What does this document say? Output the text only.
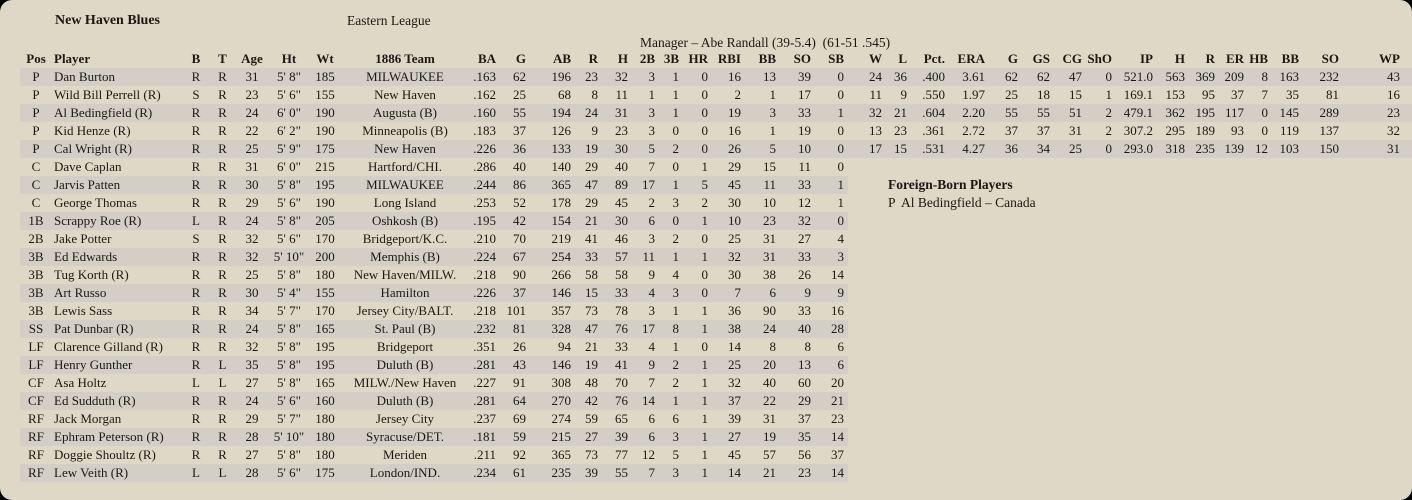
New Haven Blues	Eastern League
Manager – Abe Randall (39-5.4)  (61-51 .545)
Pos	Player	B	T	Age	Ht	Wt	1886 Team	BA	G	AB	R	H	2B	3B	HR	RBI	BB	SO	SB
P	Dan Burton	R	R	31	5' 8"	185	MILWAUKEE	.163	62	196	23	32	3	1	0	16	13	39	0
P	Wild Bill Perrell (R)	S	R	23	5' 6"	155	New Haven	.162	25	68	8	11	1	1	0	2	1	17	0
P	Al Bedingfield (R)	R	R	24	6' 0"	190	Augusta (B)	.160	55	194	24	31	3	1	0	19	3	33	1
P	Kid Henze (R)	R	R	22	6' 2"	190	Minneapolis (B)	.183	37	126	9	23	3	0	0	16	1	19	0
P	Cal Wright (R)	R	R	25	5' 9"	175	New Haven	.226	36	133	19	30	5	2	0	26	5	10	0
C	Dave Caplan	R	R	31	6' 0"	215	Hartford/CHI.	.286	40	140	29	40	7	0	1	29	15	11	0
C	Jarvis Patten	R	R	30	5' 8"	195	MILWAUKEE	.244	86	365	47	89	17	1	5	45	11	33	1
C	George Thomas	R	R	29	5' 6"	190	Long Island	.253	52	178	29	45	2	3	2	30	10	12	1
1B	Scrappy Roe (R)	L	R	24	5' 8"	205	Oshkosh (B)	.195	42	154	21	30	6	0	1	10	23	32	0
2B	Jake Potter	S	R	32	5' 6"	170	Bridgeport/K.C.	.210	70	219	41	46	3	2	0	25	31	27	4
3B	Ed Edwards	R	R	32	5' 10"	200	Memphis (B)	.224	67	254	33	57	11	1	1	32	31	33	3
3B	Tug Korth (R)	R	R	25	5' 8"	180	New Haven/MILW.	.218	90	266	58	58	9	4	0	30	38	26	14
3B	Art Russo	R	R	30	5' 4"	155	Hamilton	.226	37	146	15	33	4	3	0	7	6	9	9
3B	Lewis Sass	R	R	34	5' 7"	170	Jersey City/BALT.	.218	101	357	73	78	3	1	1	36	90	33	16
SS	Pat Dunbar (R)	R	R	24	5' 8"	165	St. Paul (B)	.232	81	328	47	76	17	8	1	38	24	40	28
LF	Clarence Gilland (R)	R	R	32	5' 8"	195	Bridgeport	.351	26	94	21	33	4	1	0	14	8	8	6
LF	Henry Gunther	R	L	35	5' 8"	195	Duluth (B)	.281	43	146	19	41	9	2	1	25	20	13	6
CF	Asa Holtz	L	L	27	5' 8"	165	MILW./New Haven	.227	91	308	48	70	7	2	1	32	40	60	20
CF	Ed Sudduth (R)	R	R	24	5' 6"	160	Duluth (B)	.281	64	270	42	76	14	1	1	37	22	29	21
RF	Jack Morgan	R	R	29	5' 7"	180	Jersey City	.237	69	274	59	65	6	6	1	39	31	37	23
RF	Ephram Peterson (R)	R	R	28	5' 10"	180	Syracuse/DET.	.181	59	215	27	39	6	3	1	27	19	35	14
RF	Doggie Shoultz (R)	R	R	27	5' 8"	180	Meriden	.211	92	365	73	77	12	5	1	45	57	56	37
RF	Lew Veith (R)	L	L	28	5' 6"	175	London/IND.	.234	61	235	39	55	7	3	1	14	21	23	14
W	L	Pct.	ERA	G	GS	CG	ShO	IP	H	R	ER	HB	BB	SO	WP
24	36	.400	3.61	62	62	47	0	521.0	563	369	209	8	163	232	43
11	9	.550	1.97	25	18	15	1	169.1	153	95	37	7	35	81	16
32	21	.604	2.20	55	55	51	2	479.1	362	195	117	0	145	289	23
13	23	.361	2.72	37	37	31	2	307.2	295	189	93	0	119	137	32
17	15	.531	4.27	36	34	25	0	293.0	318	235	139	12	103	150	31
Foreign-Born Players
P  Al Bedingfield – Canada
